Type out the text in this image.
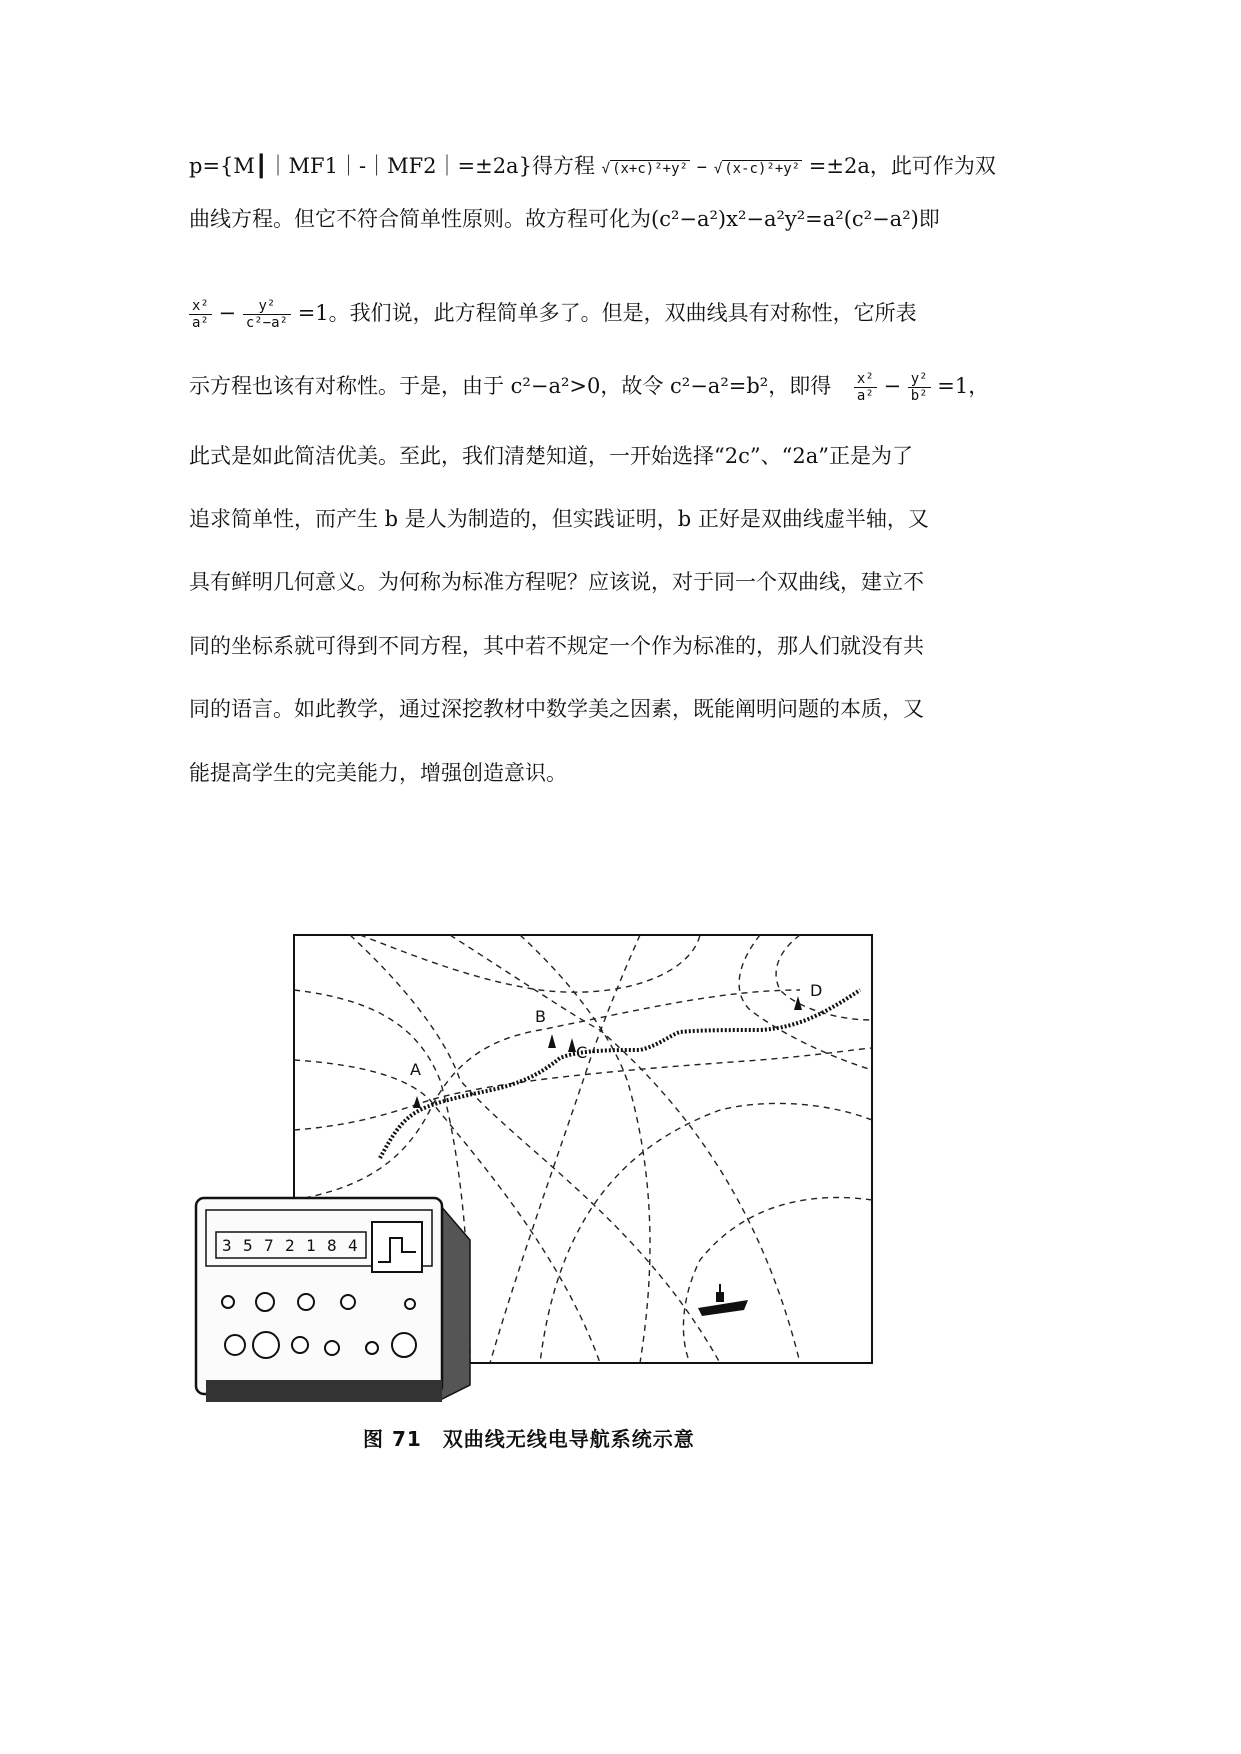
p={M┃｜MF1｜-｜MF2｜=±2a}得方程 √ (x+c)²+y² – √ (x-c)²+y² =±2a，此可作为双
曲线方程。但它不符合简单性原则。故方程可化为(c²−a²)x²−a²y²=a²(c²−a²)即
$\frac{\text{x²}}{\text{a²}} - \frac{\text{y²}}{\text{c²−a²}} =1$。我们说，此方程简单多了。但是，双曲线具有对称性，它所表
示方程也该有对称性。于是，由于 c²−a²>0，故令 c²−a²=b²，即得 $\frac{\text{x²}}{\text{a²}} - \frac{\text{y²}}{\text{b²}} =1$，
此式是如此简洁优美。至此，我们清楚知道，一开始选择“2c”、“2a”正是为了
追求简单性，而产生 b 是人为制造的，但实践证明，b 正好是双曲线虚半轴，又
具有鲜明几何意义。为何称为标准方程呢？应该说，对于同一个双曲线，建立不
同的坐标系就可得到不同方程，其中若不规定一个作为标准的，那人们就没有共
同的语言。如此教学，通过深挖教材中数学美之因素，既能阐明问题的本质，又
能提高学生的完美能力，增强创造意识。
A
B
C
D
3 5 7 2 1 8 4
图 71　双曲线无线电导航系统示意
